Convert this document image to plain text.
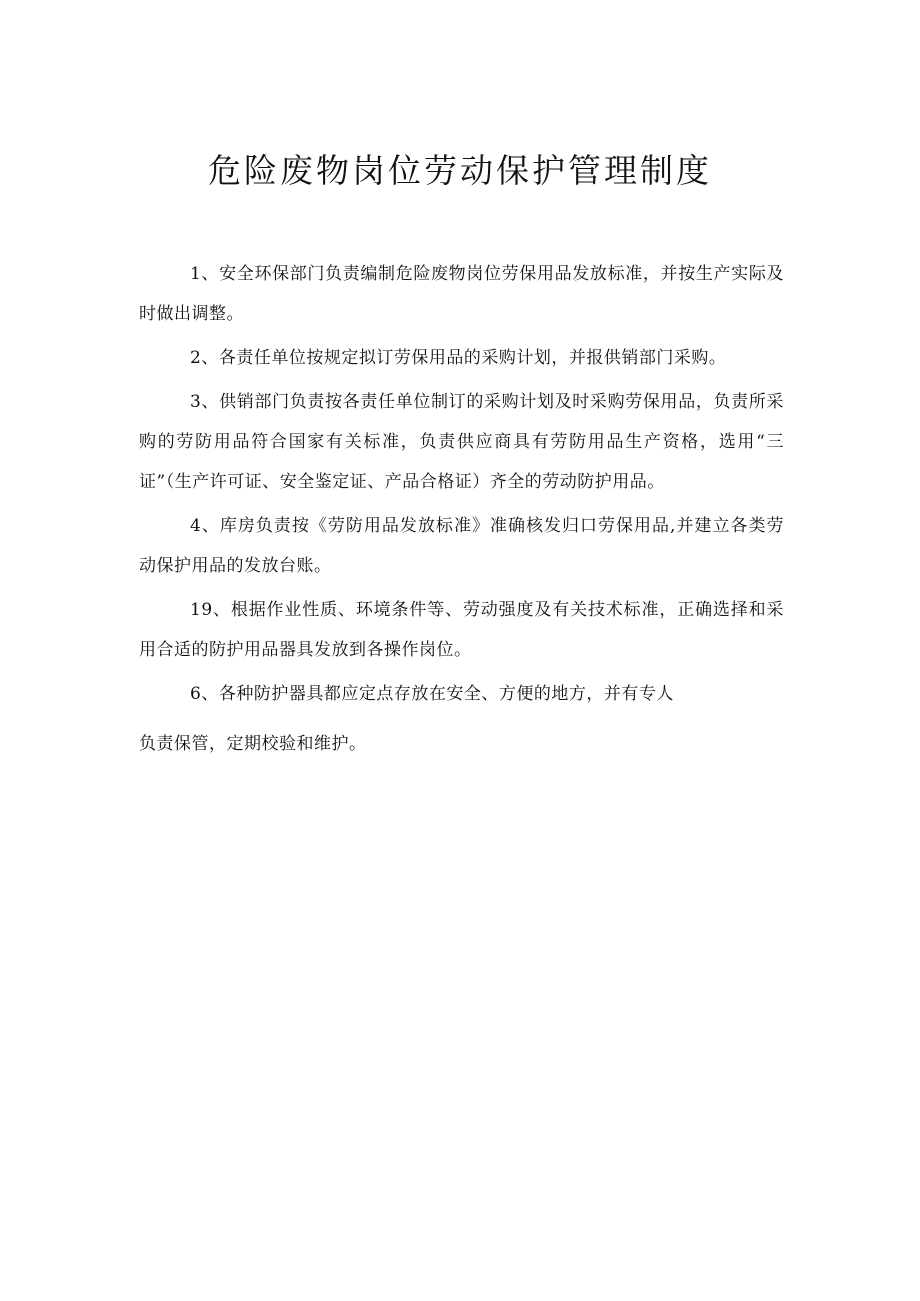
危险废物岗位劳动保护管理制度

1、安全环保部门负责编制危险废物岗位劳保用品发放标准，并按生产实际及时做出调整。

2、各责任单位按规定拟订劳保用品的采购计划，并报供销部门采购。

3、供销部门负责按各责任单位制订的采购计划及时采购劳保用品，负责所采购的劳防用品符合国家有关标准，负责供应商具有劳防用品生产资格，选用“三证”（生产许可证、安全鉴定证、产品合格证）齐全的劳动防护用品。

4、库房负责按《劳防用品发放标准》准确核发归口劳保用品,并建立各类劳动保护用品的发放台账。

19、根据作业性质、环境条件等、劳动强度及有关技术标准，正确选择和采用合适的防护用品器具发放到各操作岗位。

6、各种防护器具都应定点存放在安全、方便的地方，并有专人
负责保管，定期校验和维护。
